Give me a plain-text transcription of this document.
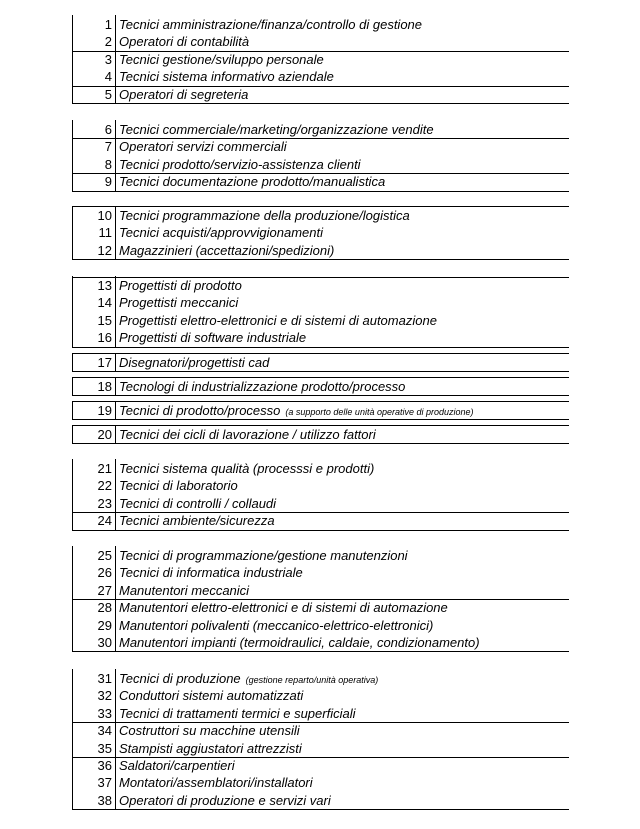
1 Tecnici amministrazione/finanza/controllo di gestione
2 Operatori di contabilità
3 Tecnici gestione/sviluppo personale
4 Tecnici sistema informativo aziendale
5 Operatori di segreteria
6 Tecnici commerciale/marketing/organizzazione vendite
7 Operatori servizi commerciali
8 Tecnici prodotto/servizio-assistenza clienti
9 Tecnici documentazione prodotto/manualistica
10 Tecnici programmazione della produzione/logistica
11 Tecnici acquisti/approvvigionamenti
12 Magazzinieri (accettazioni/spedizioni)
13 Progettisti di prodotto
14 Progettisti meccanici
15 Progettisti elettro-elettronici e di sistemi di automazione
16 Progettisti di software industriale
17 Disegnatori/progettisti cad
18 Tecnologi di industrializzazione prodotto/processo
19 Tecnici di prodotto/processo (a supporto delle unità operative di produzione)
20 Tecnici dei cicli di lavorazione / utilizzo fattori
21 Tecnici sistema qualità (processsi e prodotti)
22 Tecnici di laboratorio
23 Tecnici di controlli / collaudi
24 Tecnici ambiente/sicurezza
25 Tecnici di programmazione/gestione manutenzioni
26 Tecnici di informatica industriale
27 Manutentori meccanici
28 Manutentori elettro-elettronici e di sistemi di automazione
29 Manutentori polivalenti (meccanico-elettrico-elettronici)
30 Manutentori impianti (termoidraulici, caldaie, condizionamento)
31 Tecnici di produzione (gestione reparto/unità operativa)
32 Conduttori sistemi automatizzati
33 Tecnici di trattamenti termici e superficiali
34 Costruttori su macchine utensili
35 Stampisti aggiustatori attrezzisti
36 Saldatori/carpentieri
37 Montatori/assemblatori/installatori
38 Operatori di produzione e servizi vari
